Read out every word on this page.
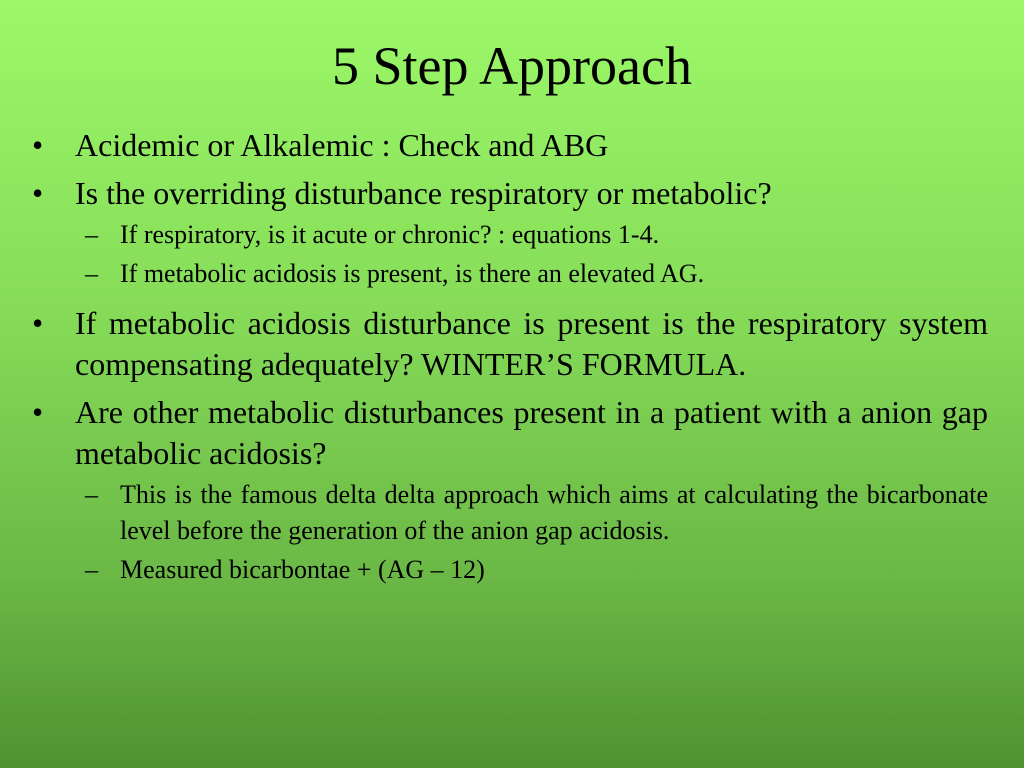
5 Step Approach
• Acidemic or Alkalemic : Check and ABG
• Is the overriding disturbance respiratory or metabolic?
– If respiratory, is it acute or chronic? : equations 1-4.
– If metabolic acidosis is present, is there an elevated AG.
• If metabolic acidosis disturbance is present is the respiratory system compensating adequately? WINTER’S FORMULA.
• Are other metabolic disturbances present in a patient with a anion gap metabolic acidosis?
– This is the famous delta delta approach which aims at calculating the bicarbonate level before the generation of the anion gap acidosis.
– Measured bicarbontae + (AG – 12)
